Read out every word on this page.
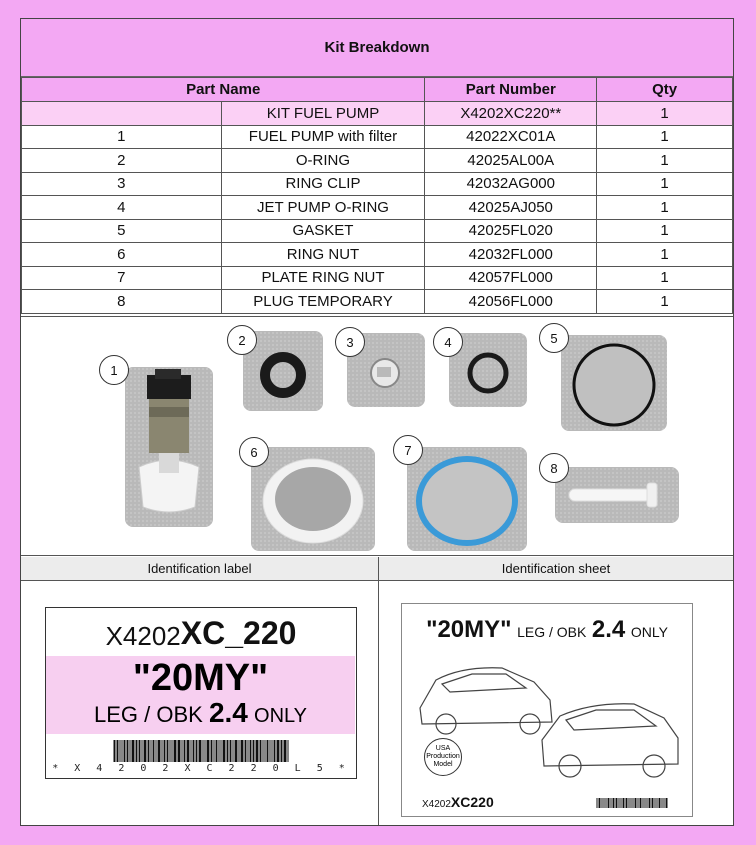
Kit Breakdown
Part Name		Part Number	Qty
	KIT FUEL PUMP	X4202XC220**	1
1	FUEL PUMP with filter	42022XC01A	1
2	O-RING	42025AL00A	1
3	RING CLIP	42032AG000	1
4	JET PUMP O-RING	42025AJ050	1
5	GASKET	42025FL020	1
6	RING NUT	42032FL000	1
7	PLATE RING NUT	42057FL000	1
8	PLUG TEMPORARY	42056FL000	1
1
2	3	4	5
6	7
8
Identification label
X4202 XC_220
"20MY"
LEG / OBK 2.4 ONLY
* X 4 2 0 2 X C 2 2 0 L 5 *
Identification sheet
"20MY" LEG / OBK 2.4 ONLY
USA
Production
Model
X4202XC220
